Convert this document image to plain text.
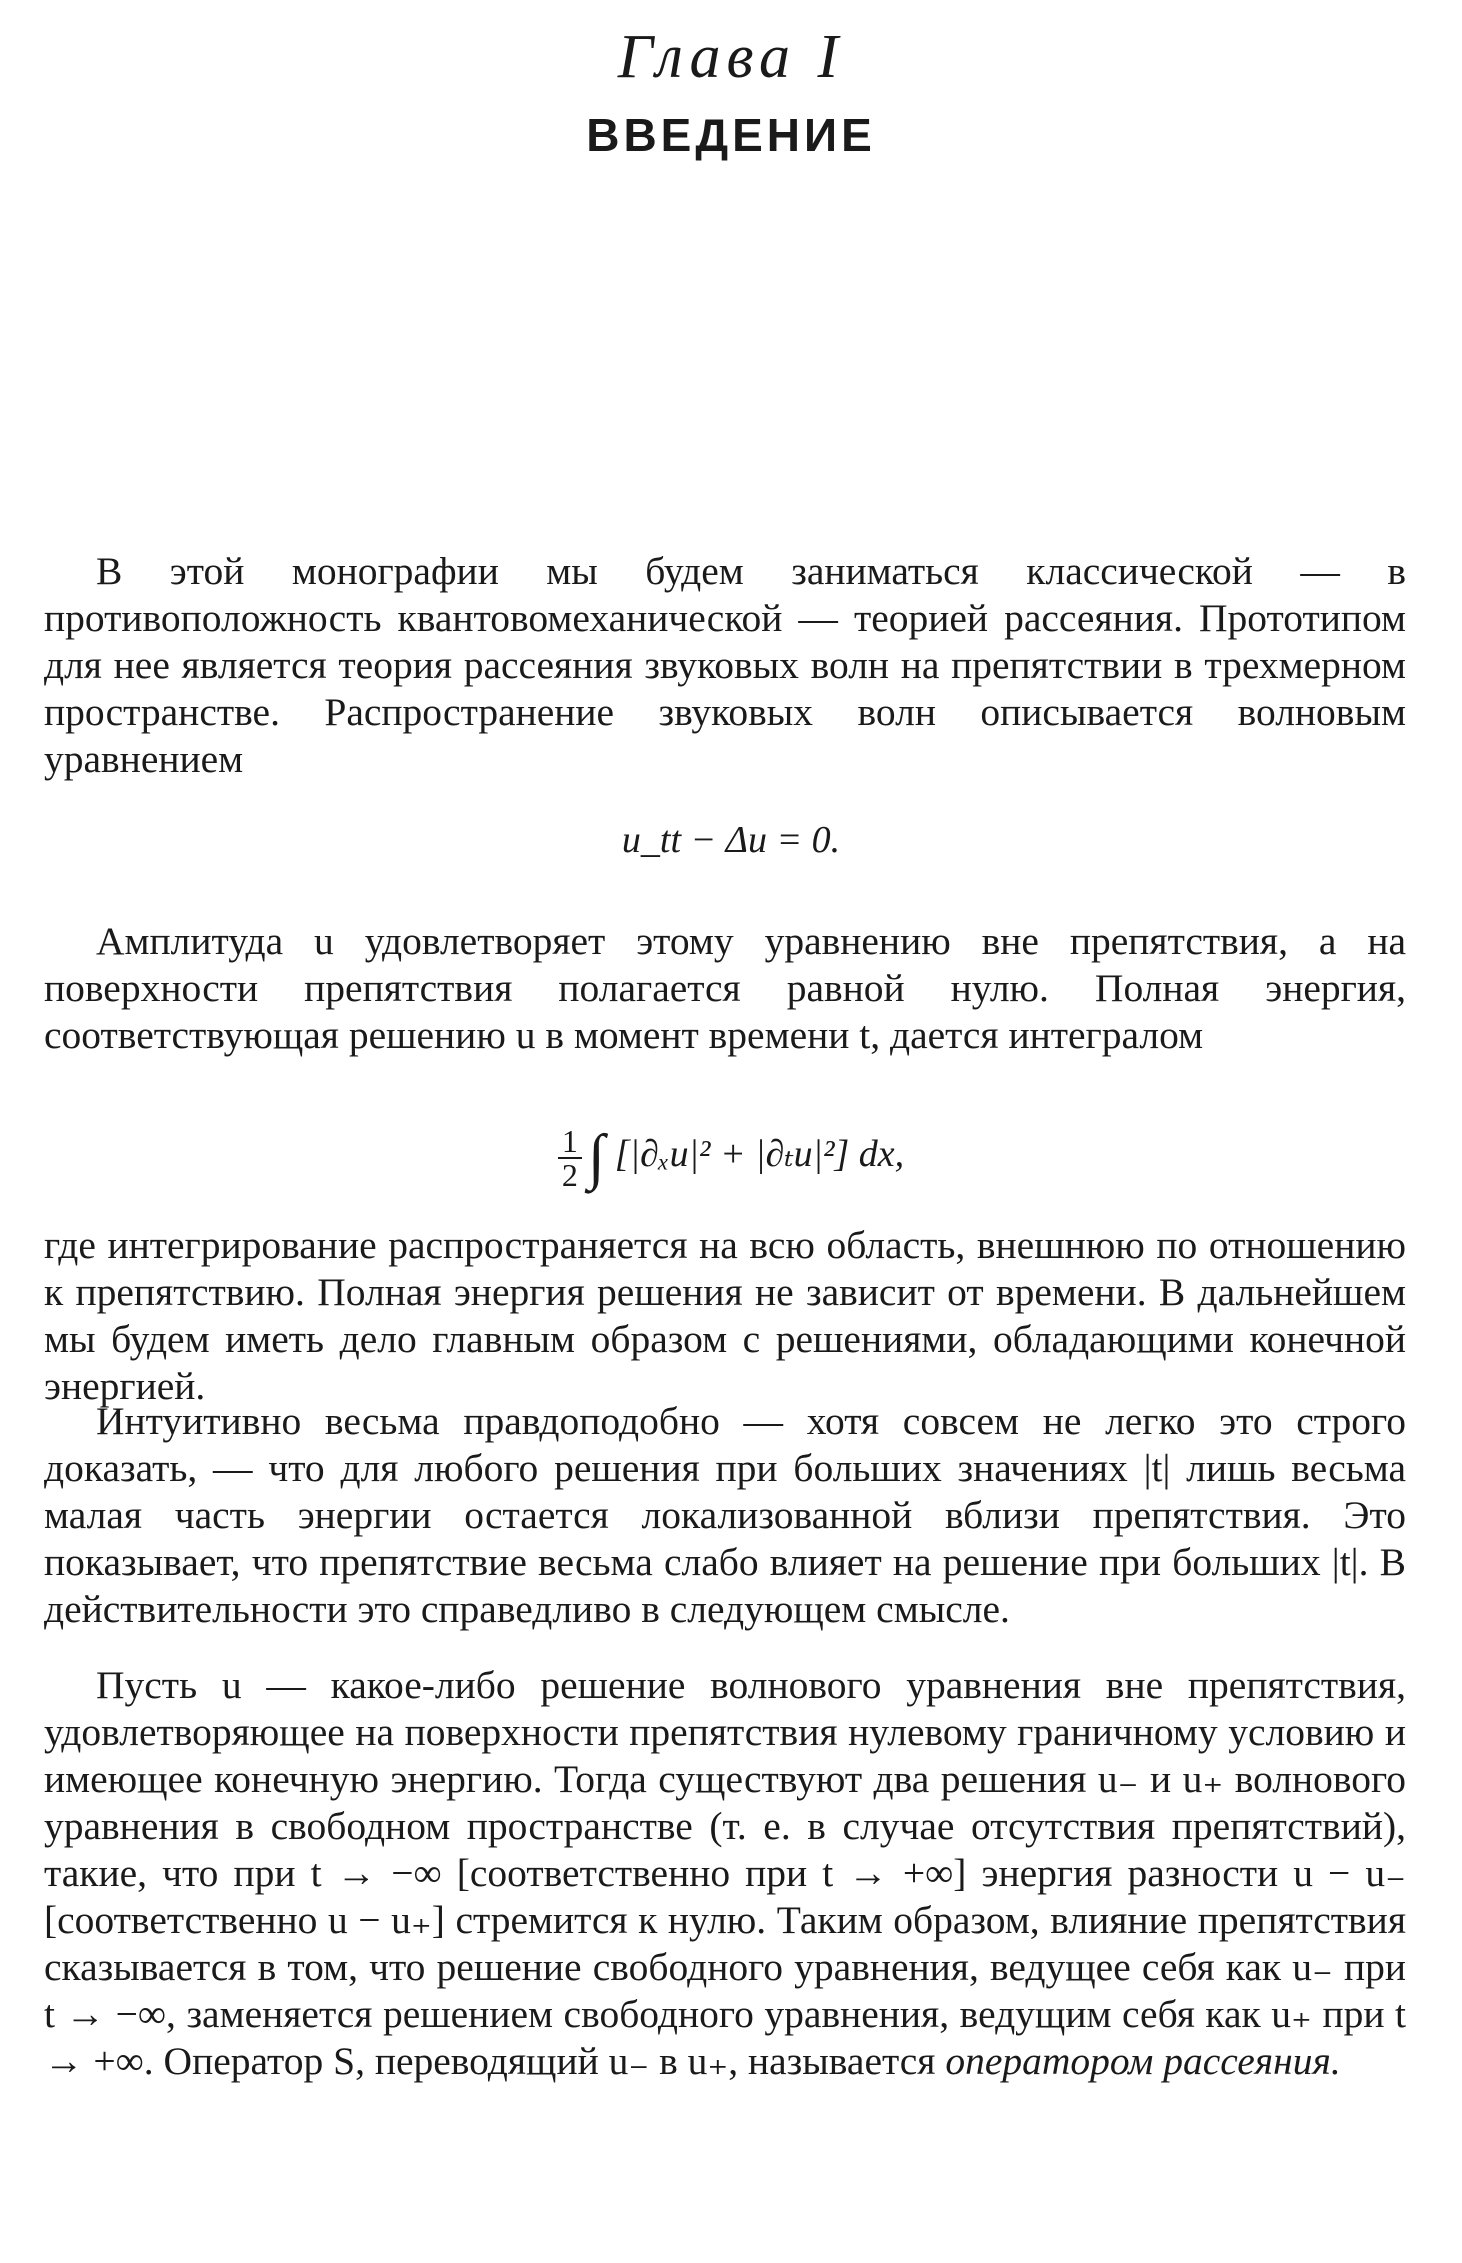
Глава I
ВВЕДЕНИЕ

В этой монографии мы будем заниматься классической — в противоположность квантовомеханической — теорией рассеяния. Прототипом для нее является теория рассеяния звуковых волн на препятствии в трехмерном пространстве. Распространение звуковых волн описывается волновым уравнением

u_tt − Δu = 0.

Амплитуда u удовлетворяет этому уравнению вне препятствия, а на поверхности препятствия полагается равной нулю. Полная энергия, соответствующая решению u в момент времени t, дается интегралом

$\frac{1}{2}$ ∫ [|∂ₓu|² + |∂ₜu|²] dx,

где интегрирование распространяется на всю область, внешнюю по отношению к препятствию. Полная энергия решения не зависит от времени. В дальнейшем мы будем иметь дело главным образом с решениями, обладающими конечной энергией.

Интуитивно весьма правдоподобно — хотя совсем не легко это строго доказать, — что для любого решения при больших значениях |t| лишь весьма малая часть энергии остается локализованной вблизи препятствия. Это показывает, что препятствие весьма слабо влияет на решение при больших |t|. В действительности это справедливо в следующем смысле.

Пусть u — какое-либо решение волнового уравнения вне препятствия, удовлетворяющее на поверхности препятствия нулевому граничному условию и имеющее конечную энергию. Тогда существуют два решения u₋ и u₊ волнового уравнения в свободном пространстве (т. е. в случае отсутствия препятствий), такие, что при t → −∞ [соответственно при t → +∞] энергия разности u − u₋ [соответственно u − u₊] стремится к нулю. Таким образом, влияние препятствия сказывается в том, что решение свободного уравнения, ведущее себя как u₋ при t → −∞, заменяется решением свободного уравнения, ведущим себя как u₊ при t → +∞. Оператор S, переводящий u₋ в u₊, называется оператором рассеяния.
